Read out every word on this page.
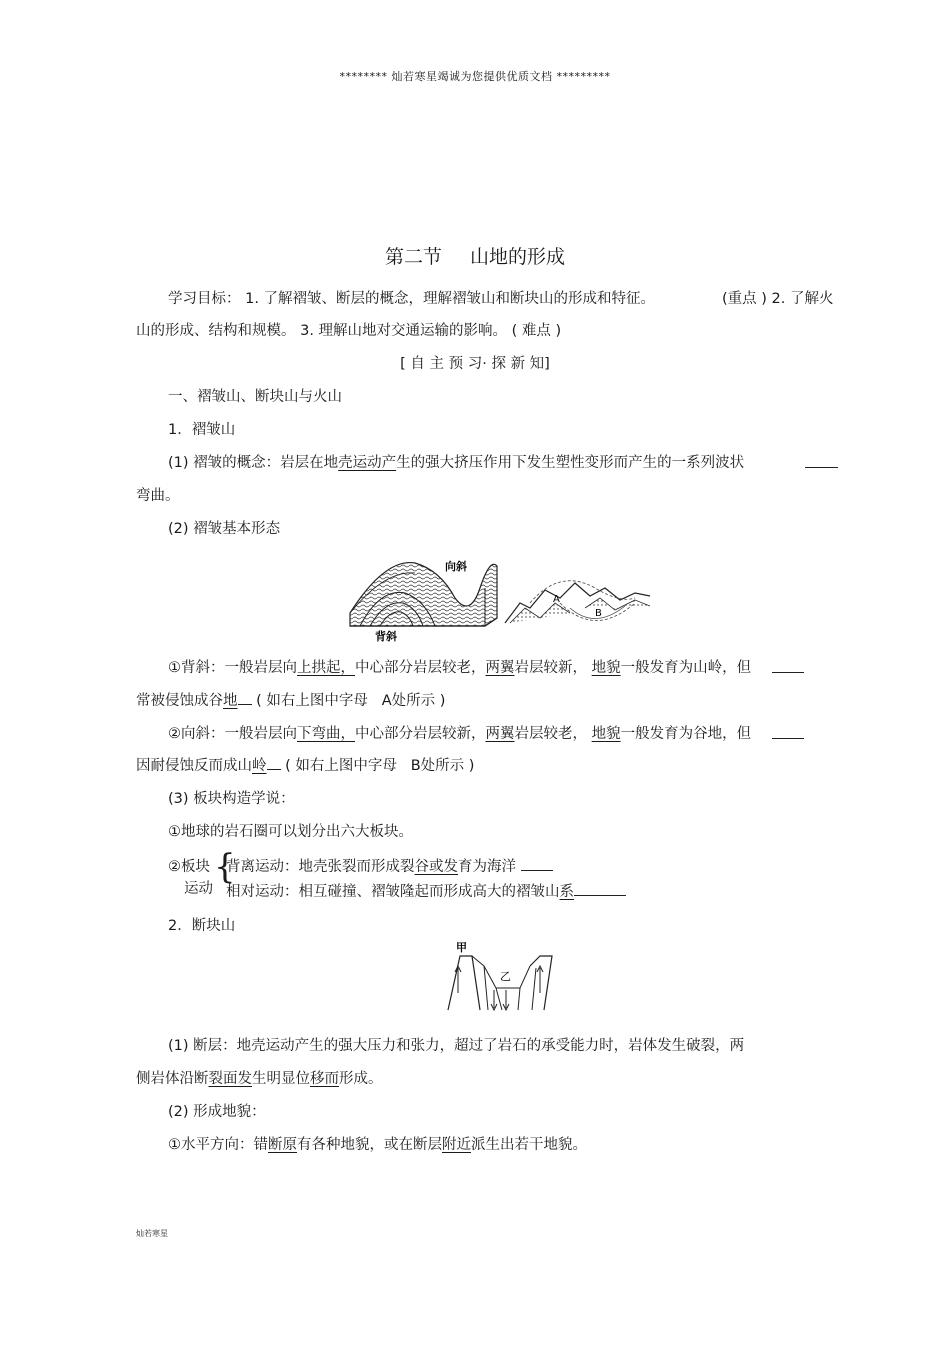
******** 灿若寒星竭诚为您提供优质文档 *********
第二节 山地的形成
学习目标： 1. 了解褶皱、断层的概念，理解褶皱山和断块山的形成和特征。	(重点 ) 2. 了解火
山的形成、结构和规模。 3. 理解山地对交通运输的影响。 ( 难点 )
[ 自 主 预 习· 探 新 知]
一、褶皱山、断块山与火山
1．褶皱山
(1) 褶皱的概念：岩层在地壳运动产生的强大挤压作用下发生塑性变形而产生的一系列波状
弯曲。
(2) 褶皱基本形态
向斜
背斜
A
B
①背斜：一般岩层向上拱起，中心部分岩层较老，两翼岩层较新， 地貌一般发育为山岭，但
常被侵蚀成谷地 ( 如右上图中字母 A处所示 )
②向斜：一般岩层向下弯曲，中心部分岩层较新，两翼岩层较老， 地貌一般发育为谷地，但
因耐侵蚀反而成山岭 ( 如右上图中字母 B处所示 )
(3) 板块构造学说：
①地球的岩石圈可以划分出六大板块。
②板块
运动
{
背离运动：地壳张裂而形成裂谷或发育为海洋
相对运动：相互碰撞、褶皱隆起而形成高大的褶皱山系
2．断块山
甲
乙
(1) 断层：地壳运动产生的强大压力和张力，超过了岩石的承受能力时，岩体发生破裂，两
侧岩体沿断裂面发生明显位移而形成。
(2) 形成地貌：
①水平方向：错断原有各种地貌，或在断层附近派生出若干地貌。
灿若寒星
